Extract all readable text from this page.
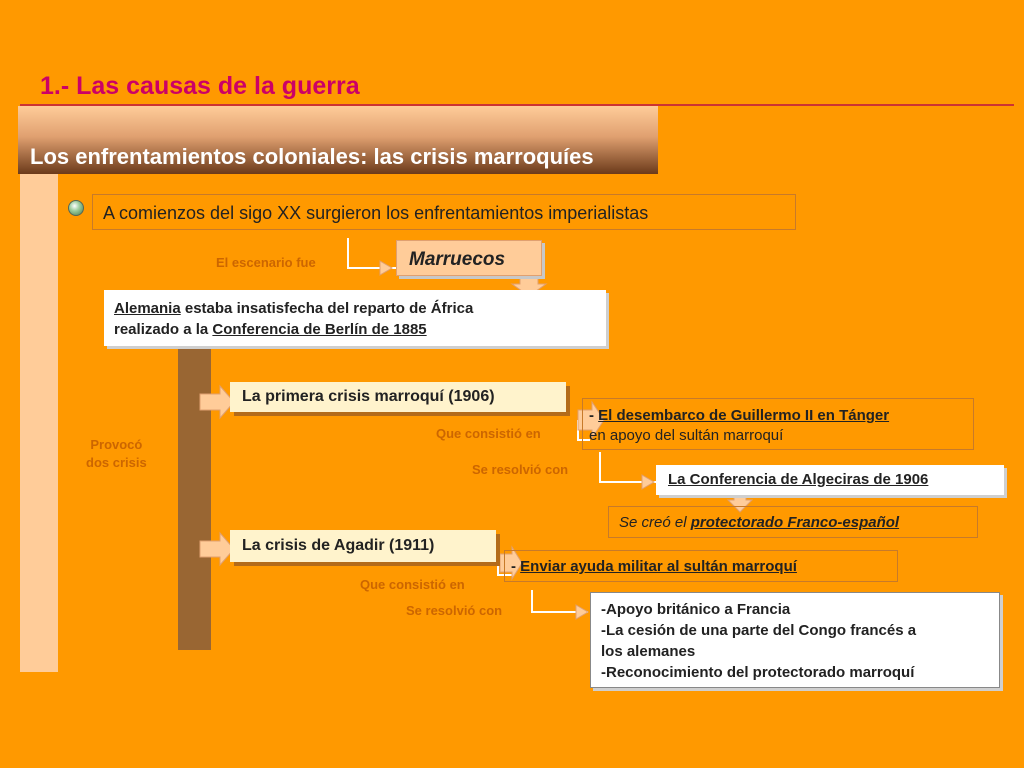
1.- Las causas de la guerra
Los enfrentamientos coloniales: las crisis marroquíes
A comienzos del sigo XX surgieron los enfrentamientos imperialistas
El escenario fue	Marruecos
Alemania estaba insatisfecha del reparto de África
realizado a la Conferencia de Berlín de 1885
Provocó
dos crisis
La primera crisis marroquí (1906)
Que consistió en
Se resolvió con
- El desembarco de Guillermo II en Tánger
en apoyo del sultán marroquí
La Conferencia de Algeciras de 1906
Se creó el protectorado Franco-español
La crisis de Agadir (1911)
Que consistió en
Se resolvió con
- Enviar ayuda militar al sultán marroquí
-Apoyo británico a Francia
-La cesión de una parte del Congo francés a
los alemanes
-Reconocimiento del protectorado marroquí
